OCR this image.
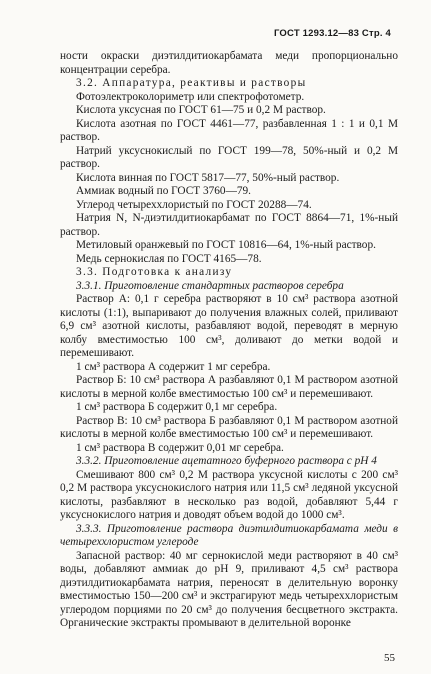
ГОСТ 1293.12—83 Стр. 4

ности окраски диэтилдитиокарбамата меди пропорционально концентрации серебра.

3.2. Аппаратура, реактивы и растворы

Фотоэлектроколориметр или спектрофотометр.

Кислота уксусная по ГОСТ 61—75 и 0,2 М раствор.

Кислота азотная по ГОСТ 4461—77, разбавленная 1 : 1 и 0,1 М раствор.

Натрий уксуснокислый по ГОСТ 199—78, 50%-ный и 0,2 М раствор.

Кислота винная по ГОСТ 5817—77, 50%-ный раствор.

Аммиак водный по ГОСТ 3760—79.

Углерод четыреххлористый по ГОСТ 20288—74.

Натрия N, N-диэтилдитиокарбамат по ГОСТ 8864—71, 1%-ный раствор.

Метиловый оранжевый по ГОСТ 10816—64, 1%-ный раствор.

Медь сернокислая по ГОСТ 4165—78.

3.3. Подготовка к анализу

3.3.1. Приготовление стандартных растворов серебра

Раствор А: 0,1 г серебра растворяют в 10 см³ раствора азотной кислоты (1:1), выпаривают до получения влажных солей, приливают 6,9 см³ азотной кислоты, разбавляют водой, переводят в мерную колбу вместимостью 100 см³, доливают до метки водой и перемешивают.

1 см³ раствора А содержит 1 мг серебра.

Раствор Б: 10 см³ раствора А разбавляют 0,1 М раствором азотной кислоты в мерной колбе вместимостью 100 см³ и перемешивают.

1 см³ раствора Б содержит 0,1 мг серебра.

Раствор В: 10 см³ раствора Б разбавляют 0,1 М раствором азотной кислоты в мерной колбе вместимостью 100 см³ и перемешивают.

1 см³ раствора В содержит 0,01 мг серебра.

3.3.2. Приготовление ацетатного буферного раствора с pH 4

Смешивают 800 см³ 0,2 М раствора уксусной кислоты с 200 см³ 0,2 М раствора уксуснокислого натрия или 11,5 см³ ледяной уксусной кислоты, разбавляют в несколько раз водой, добавляют 5,44 г уксуснокислого натрия и доводят объем водой до 1000 см³.

3.3.3. Приготовление раствора диэтилдитиокарбамата меди в четыреххлористом углероде

Запасной раствор: 40 мг сернокислой меди растворяют в 40 см³ воды, добавляют аммиак до pH 9, приливают 4,5 см³ раствора диэтилдитиокарбамата натрия, переносят в делительную воронку вместимостью 150—200 см³ и экстрагируют медь четыреххлористым углеродом порциями по 20 см³ до получения бесцветного экстракта. Органические экстракты промывают в делительной воронке

55
